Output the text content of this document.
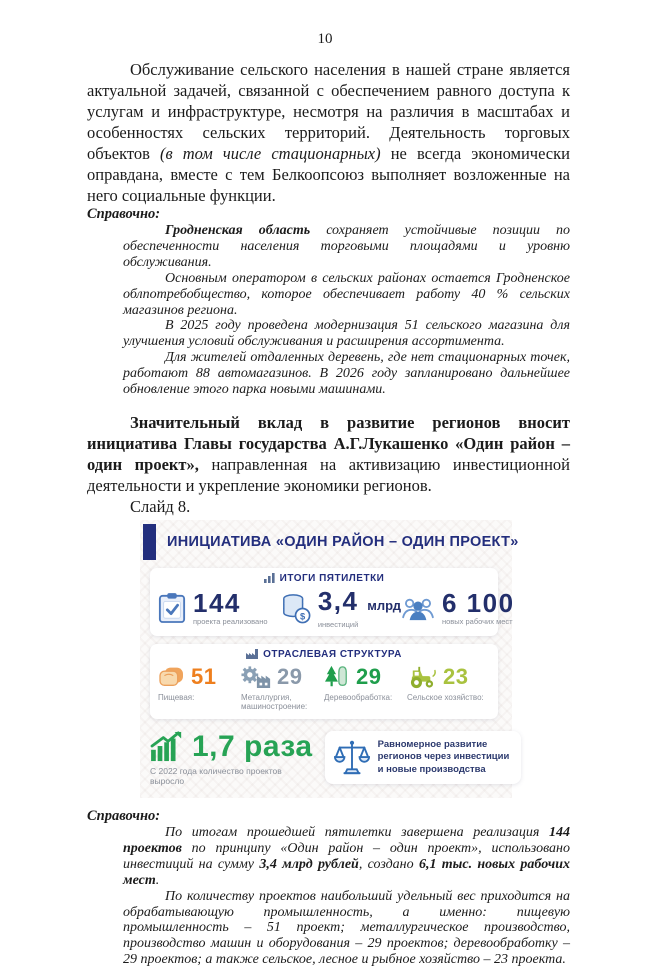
10

Обслуживание сельского населения в нашей стране является актуальной задачей, связанной с обеспечением равного доступа к услугам и инфраструктуре, несмотря на различия в масштабах и особенностях сельских территорий. Деятельность торговых объектов (в том числе стационарных) не всегда экономически оправдана, вместе с тем Белкоопсоюз выполняет возложенные на него социальные функции.

Справочно:

Гродненская область сохраняет устойчивые позиции по обеспеченности населения торговыми площадями и уровню обслуживания.

Основным оператором в сельских районах остается Гродненское облпотребобщество, которое обеспечивает работу 40 % сельских магазинов региона.

В 2025 году проведена модернизация 51 сельского магазина для улучшения условий обслуживания и расширения ассортимента.

Для жителей отдаленных деревень, где нет стационарных точек, работают 88 автомагазинов. В 2026 году запланировано дальнейшее обновление этого парка новыми машинами.

Значительный вклад в развитие регионов вносит инициатива Главы государства А.Г.Лукашенко «Один район – один проект», направленная на активизацию инвестиционной деятельности и укрепление экономики регионов.

Слайд 8.

ИНИЦИАТИВА «ОДИН РАЙОН – ОДИН ПРОЕКТ»
ИТОГИ ПЯТИЛЕТКИ
144
проекта реализовано
$
3,4 млрд
инвестиций
6 100
новых рабочих мест
ОТРАСЛЕВАЯ СТРУКТУРА
51
Пищевая:
29
Металлургия, машиностроение:
29
Деревообработка:
23
Сельское хозяйство:
1,7 раза
С 2022 года количество проектов выросло
Равномерное развитие регионов через инвестиции и новые производства
Справочно:

По итогам прошедшей пятилетки завершена реализация 144 проектов по принципу «Один район – один проект», использовано инвестиций на сумму 3,4 млрд рублей, создано 6,1 тыс. новых рабочих мест.

По количеству проектов наибольший удельный вес приходится на обрабатывающую промышленность, а именно: пищевую промышленность – 51 проект; металлургическое производство, производство машин и оборудования – 29 проектов; деревообработку – 29 проектов; а также сельское, лесное и рыбное хозяйство – 23 проекта.
